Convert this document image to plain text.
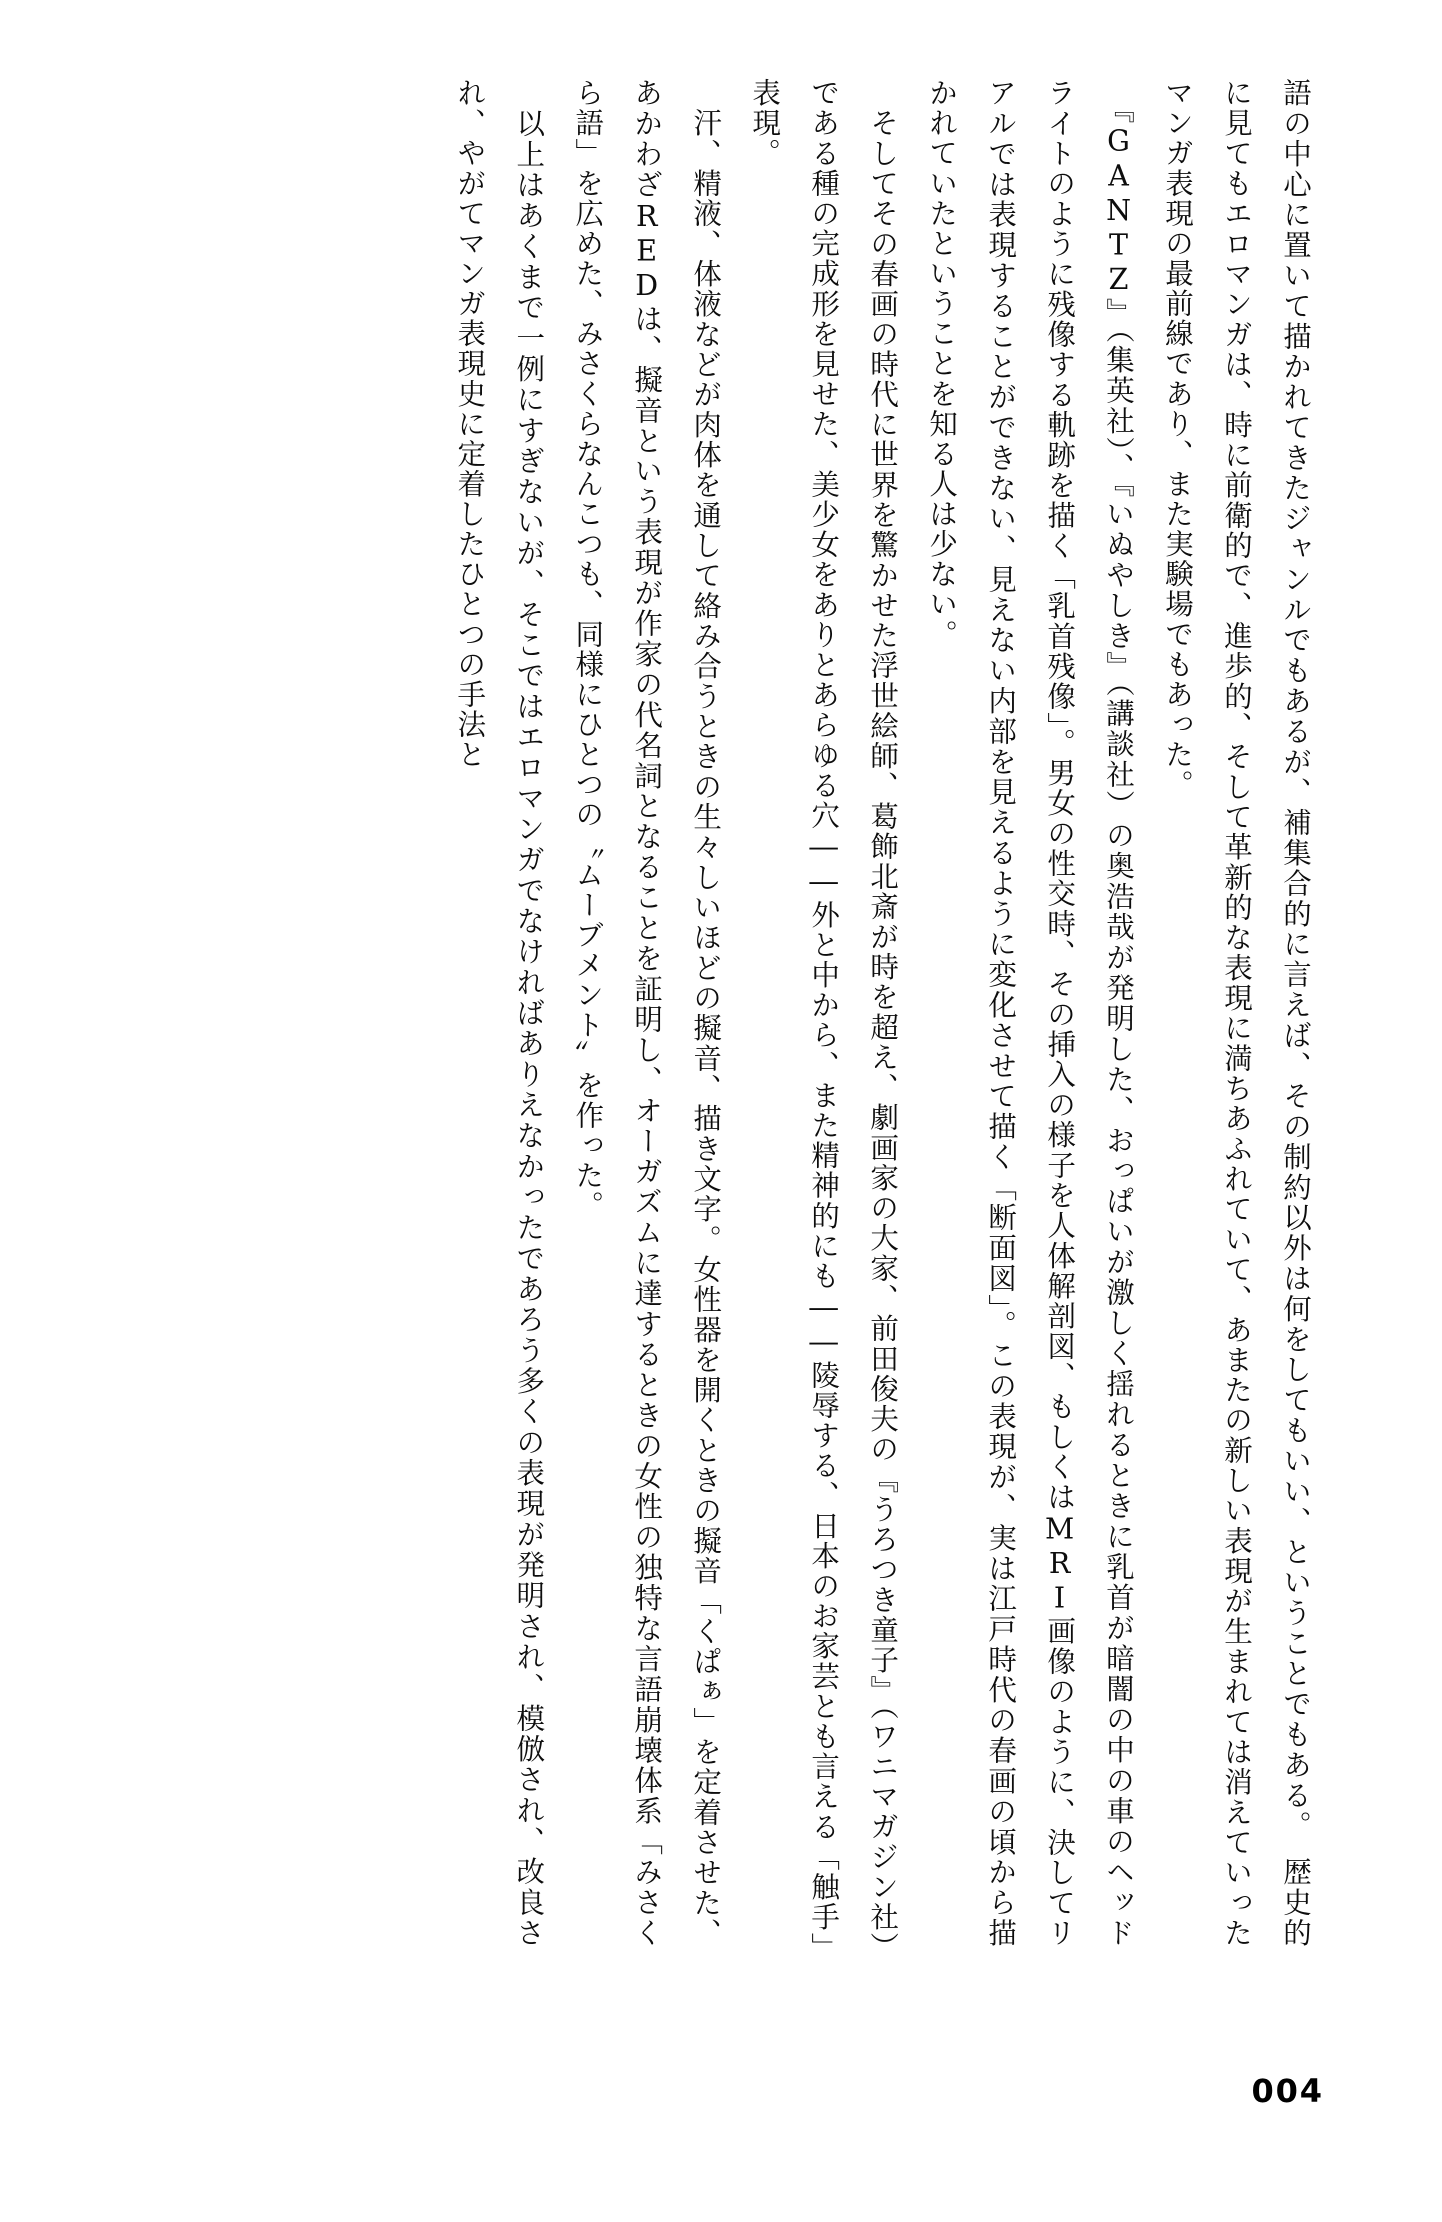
語の中心に置いて描かれてきたジャンルでもあるが、補集合的に言えば、その制約以外は何をしてもいい、ということでもある。　歴史的に見てもエロマンガは、時に前衛的で、進歩的、そして革新的な表現に満ちあふれていて、あまたの新しい表現が生まれては消えていったマンガ表現の最前線であり、また実験場でもあった。

　『GANTZ』（集英社）、『いぬやしき』（講談社）の奥浩哉が発明した、おっぱいが激しく揺れるときに乳首が暗闇の中の車のヘッドライトのように残像する軌跡を描く「乳首残像」。男女の性交時、その挿入の様子を人体解剖図、もしくはMRI画像のように、決してリアルでは表現することができない、見えない内部を見えるように変化させて描く「断面図」。この表現が、実は江戸時代の春画の頃から描かれていたということを知る人は少ない。

　そしてその春画の時代に世界を驚かせた浮世絵師、葛飾北斎が時を超え、劇画家の大家、前田俊夫の『うろつき童子』（ワニマガジン社）である種の完成形を見せた、美少女をありとあらゆる穴――外と中から、また精神的にも――陵辱する、日本のお家芸とも言える「触手」表現。

　汗、精液、体液などが肉体を通して絡み合うときの生々しいほどの擬音、描き文字。女性器を開くときの擬音「くぱぁ」を定着させた、あかわざREDは、擬音という表現が作家の代名詞となることを証明し、オーガズムに達するときの女性の独特な言語崩壊体系「みさくら語」を広めた、みさくらなんこつも、同様にひとつの〝ムーブメント〟を作った。

　以上はあくまで一例にすぎないが、そこではエロマンガでなければありえなかったであろう多くの表現が発明され、模倣され、改良され、やがてマンガ表現史に定着したひとつの手法と

004
